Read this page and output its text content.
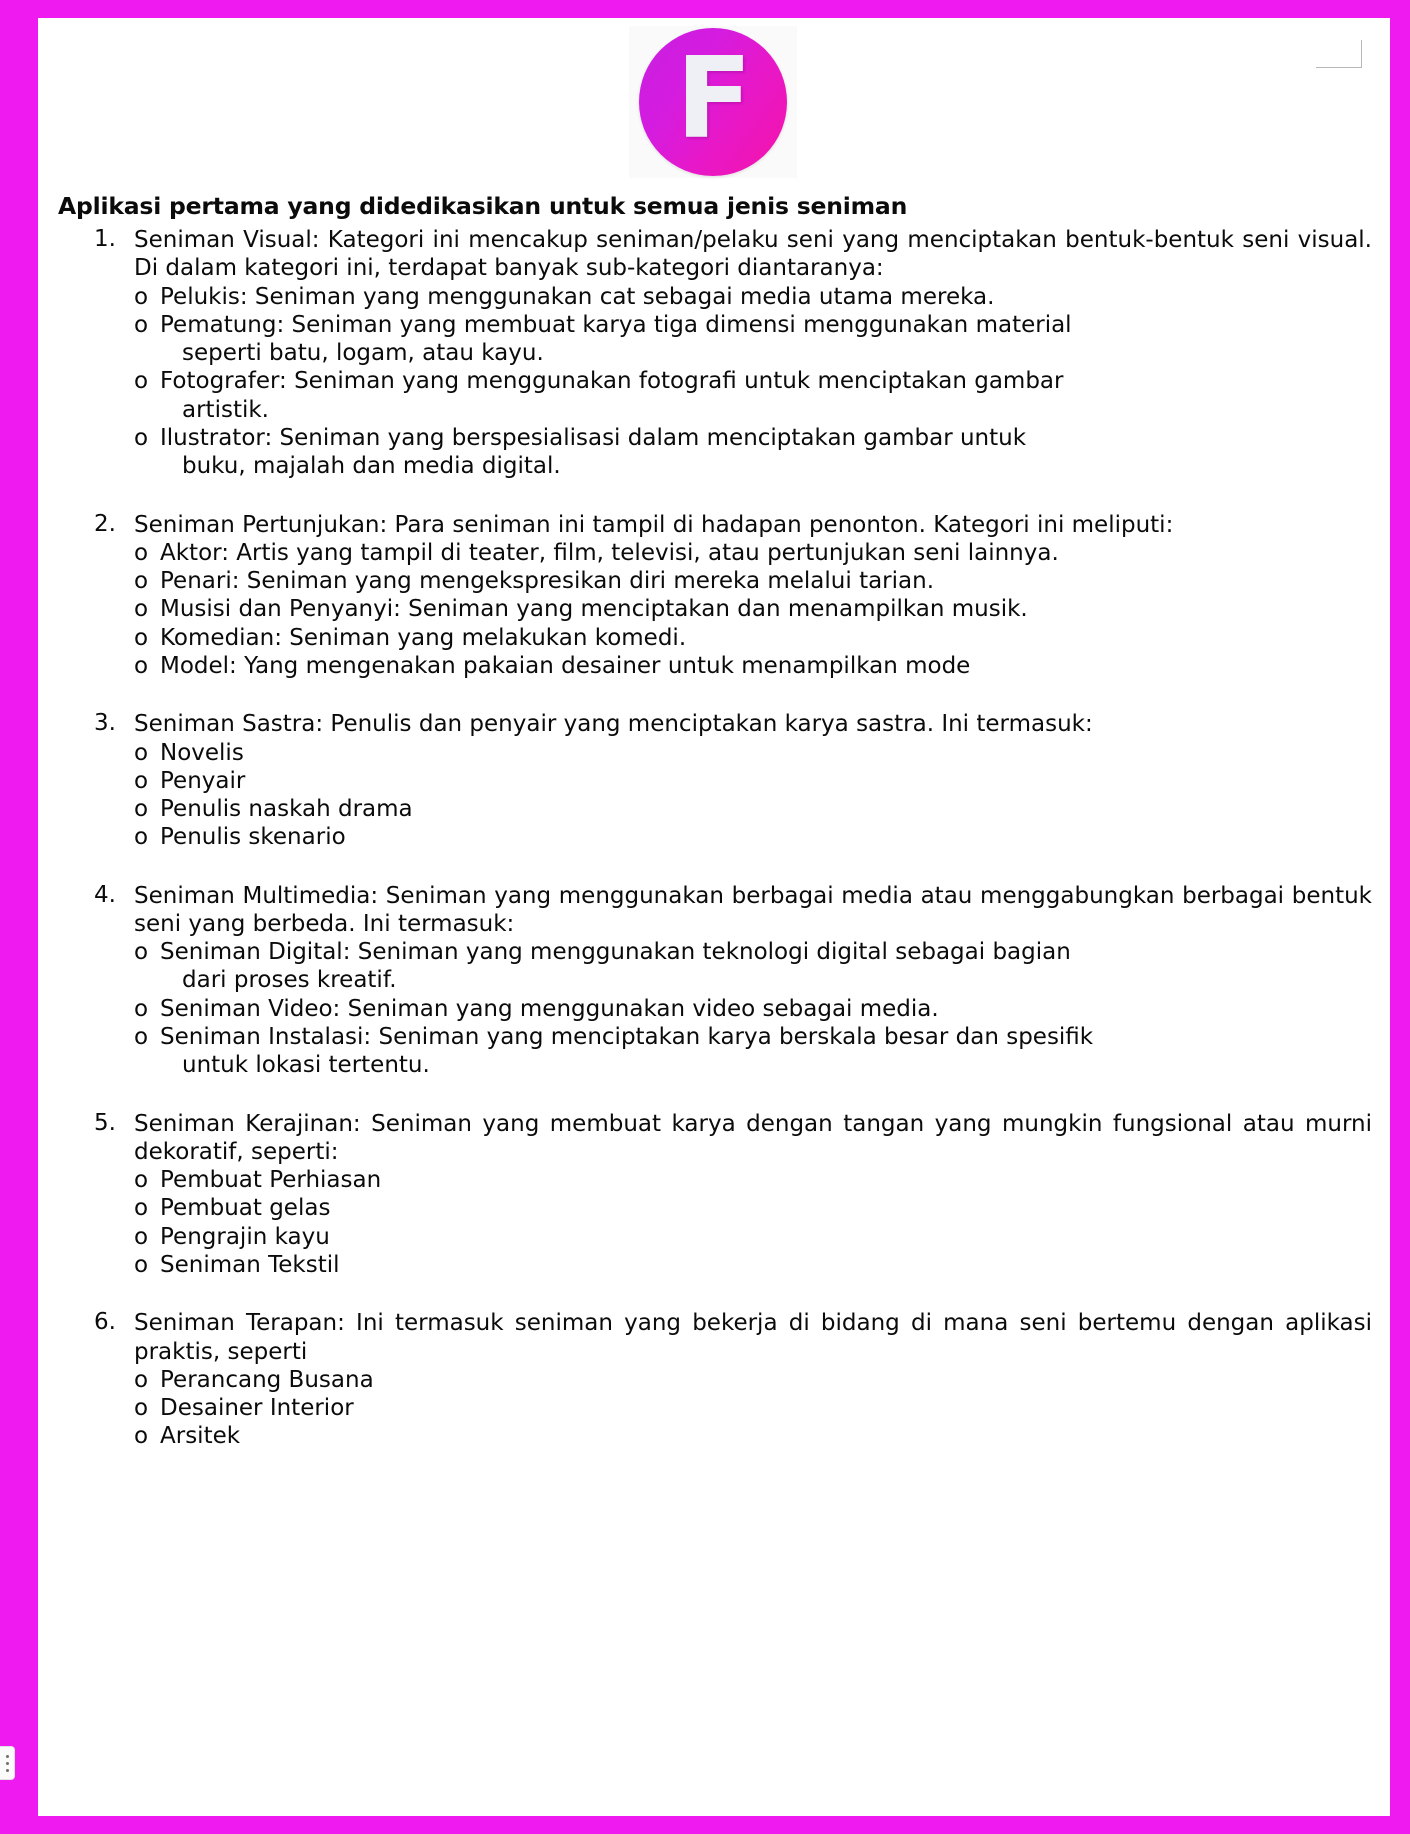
F
Aplikasi pertama yang didedikasikan untuk semua jenis seniman
1. Seniman Visual: Kategori ini mencakup seniman/pelaku seni yang menciptakan bentuk-bentuk seni visual. Di dalam kategori ini, terdapat banyak sub-kategori diantaranya:

o Pelukis: Seniman yang menggunakan cat sebagai media utama mereka.
o Pematung: Seniman yang membuat karya tiga dimensi menggunakan material
seperti batu, logam, atau kayu.
o Fotografer: Seniman yang menggunakan fotografi untuk menciptakan gambar
artistik.
o Ilustrator: Seniman yang berspesialisasi dalam menciptakan gambar untuk
buku, majalah dan media digital.
2. Seniman Pertunjukan: Para seniman ini tampil di hadapan penonton. Kategori ini meliputi:

o Aktor: Artis yang tampil di teater, film, televisi, atau pertunjukan seni lainnya.
o Penari: Seniman yang mengekspresikan diri mereka melalui tarian.
o Musisi dan Penyanyi: Seniman yang menciptakan dan menampilkan musik.
o Komedian: Seniman yang melakukan komedi.
o Model: Yang mengenakan pakaian desainer untuk menampilkan mode
3. Seniman Sastra: Penulis dan penyair yang menciptakan karya sastra. Ini termasuk:

o Novelis
o Penyair
o Penulis naskah drama
o Penulis skenario
4. Seniman Multimedia: Seniman yang menggunakan berbagai media atau menggabungkan berbagai bentuk seni yang berbeda. Ini termasuk:

o Seniman Digital: Seniman yang menggunakan teknologi digital sebagai bagian
dari proses kreatif.
o Seniman Video: Seniman yang menggunakan video sebagai media.
o Seniman Instalasi: Seniman yang menciptakan karya berskala besar dan spesifik
untuk lokasi tertentu.
5. Seniman Kerajinan: Seniman yang membuat karya dengan tangan yang mungkin fungsional atau murni dekoratif, seperti:

o Pembuat Perhiasan
o Pembuat gelas
o Pengrajin kayu
o Seniman Tekstil
6. Seniman Terapan: Ini termasuk seniman yang bekerja di bidang di mana seni bertemu dengan aplikasi praktis, seperti

o Perancang Busana
o Desainer Interior
o Arsitek
